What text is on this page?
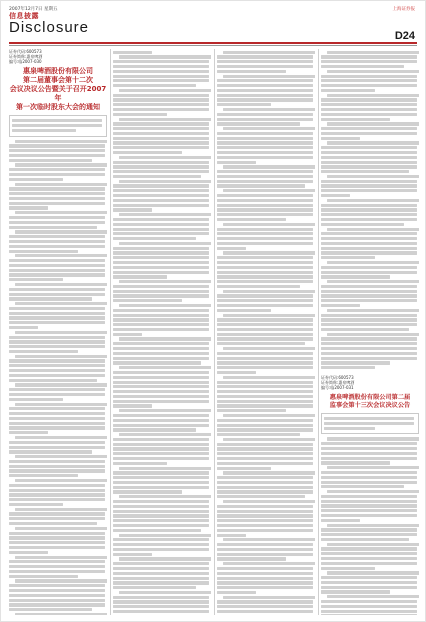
2007年12月7日 星期五	上海证券报
信息披露
Disclosure	D24
证券代码:600573
证券简称:惠泉啤酒
编号:临2007-030
惠泉啤酒股份有限公司
第二届董事会第十二次
会议决议公告暨关于召开2007年
第一次临时股东大会的通知
证券代码:600573
证券简称:惠泉啤酒
编号:临2007-031
惠泉啤酒股份有限公司第二届
监事会第十三次会议决议公告
